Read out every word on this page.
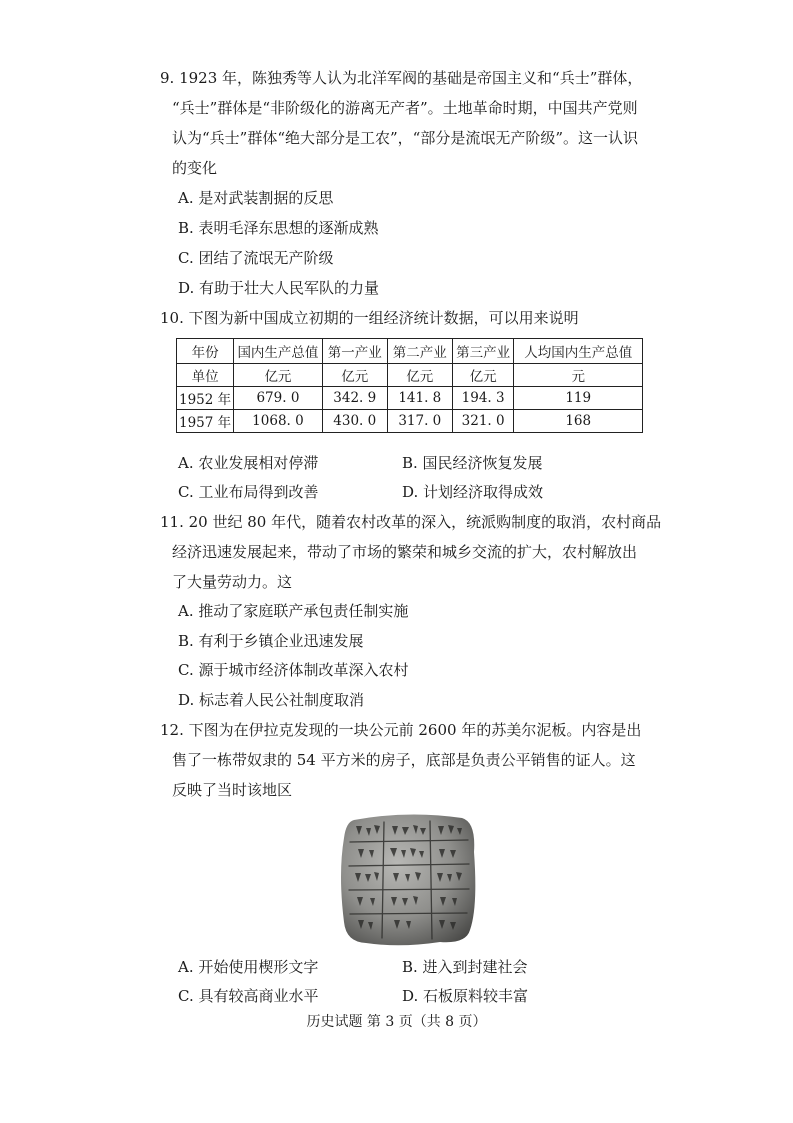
9. 1923 年，陈独秀等人认为北洋军阀的基础是帝国主义和“兵士”群体，
“兵士”群体是“非阶级化的游离无产者”。土地革命时期，中国共产党则
认为“兵士”群体“绝大部分是工农”，“部分是流氓无产阶级”。这一认识
的变化
A. 是对武装割据的反思
B. 表明毛泽东思想的逐渐成熟
C. 团结了流氓无产阶级
D. 有助于壮大人民军队的力量
10. 下图为新中国成立初期的一组经济统计数据，可以用来说明
年份	国内生产总值	第一产业	第二产业	第三产业	人均国内生产总值
单位	亿元	亿元	亿元	亿元	元
1952 年	679. 0	342. 9	141. 8	194. 3	119
1957 年	1068. 0	430. 0	317. 0	321. 0	168
A. 农业发展相对停滞	B. 国民经济恢复发展
C. 工业布局得到改善	D. 计划经济取得成效
11. 20 世纪 80 年代，随着农村改革的深入，统派购制度的取消，农村商品
经济迅速发展起来，带动了市场的繁荣和城乡交流的扩大，农村解放出
了大量劳动力。这
A. 推动了家庭联产承包责任制实施
B. 有利于乡镇企业迅速发展
C. 源于城市经济体制改革深入农村
D. 标志着人民公社制度取消
12. 下图为在伊拉克发现的一块公元前 2600 年的苏美尔泥板。内容是出
售了一栋带奴隶的 54 平方米的房子，底部是负责公平销售的证人。这
反映了当时该地区
A. 开始使用楔形文字	B. 进入到封建社会
C. 具有较高商业水平	D. 石板原料较丰富
历史试题 第 3 页（共 8 页）
